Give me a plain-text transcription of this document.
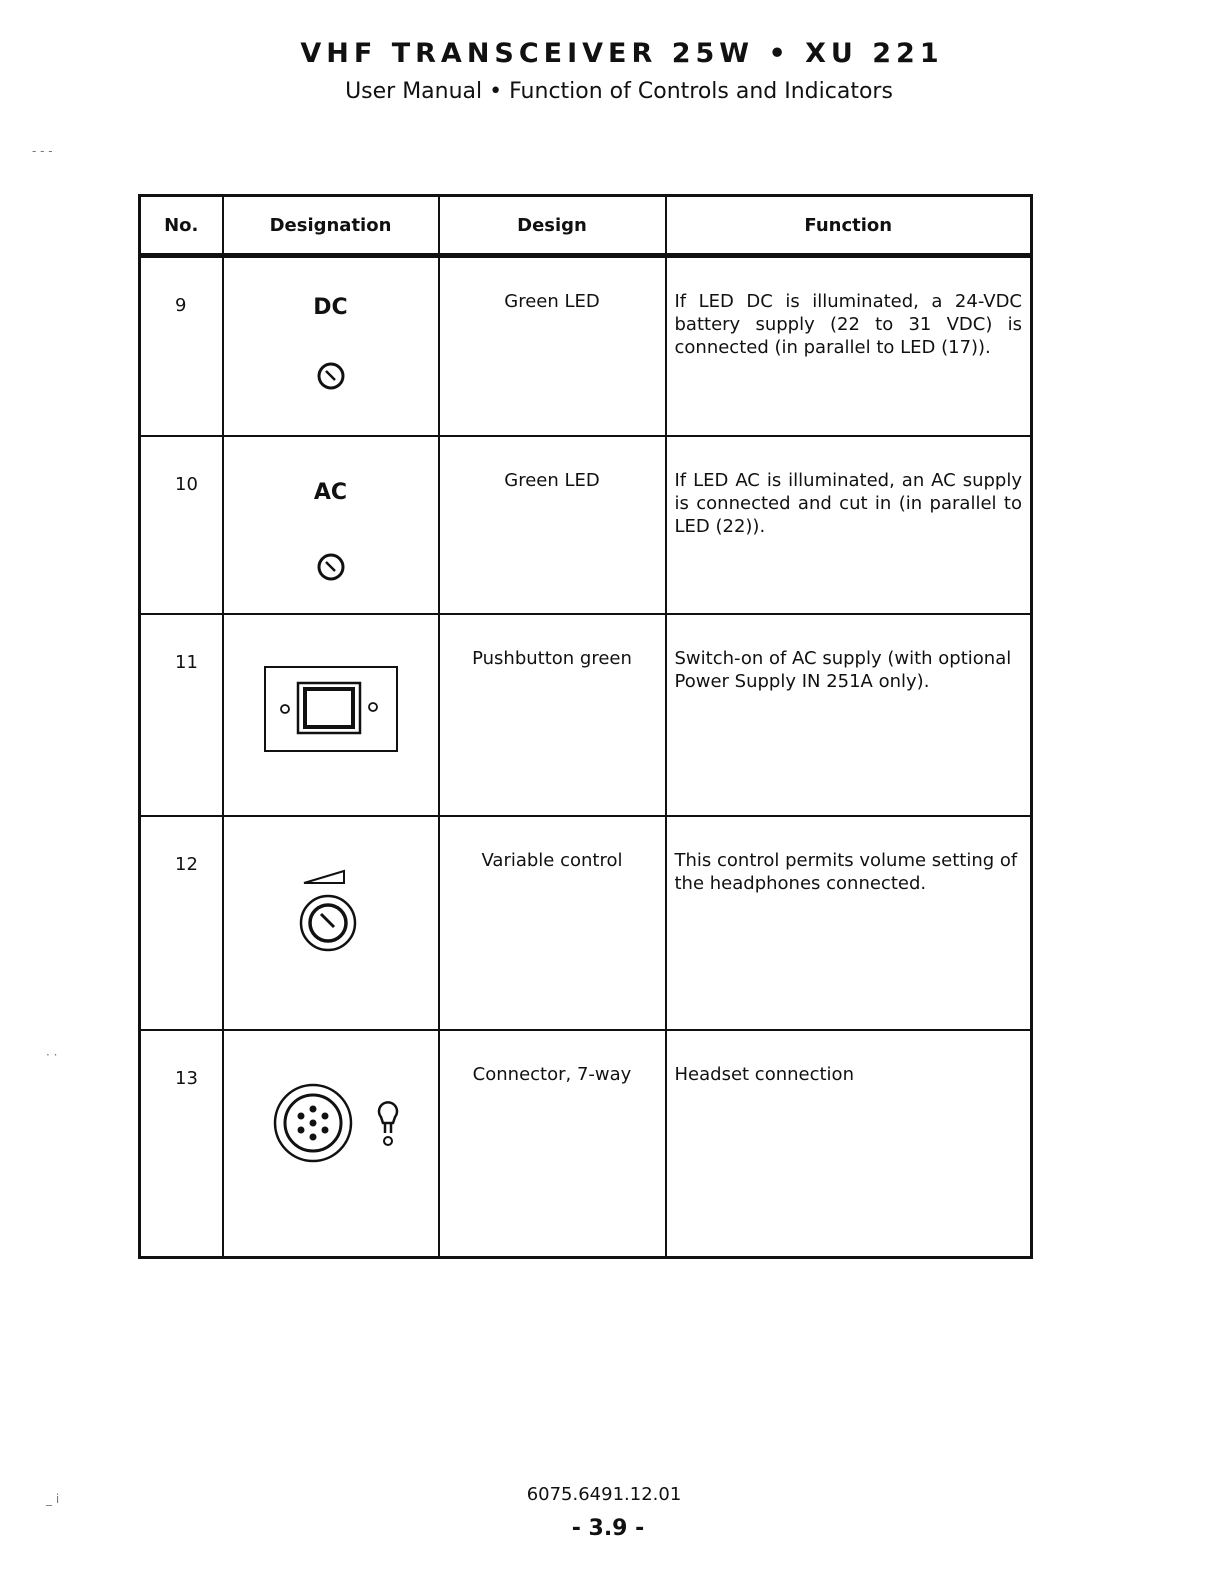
VHF TRANSCEIVER 25W • XU 221
User Manual • Function of Controls and Indicators
- - -
· ·
_ i
No.	Designation	Design	Function
9	DC	Green LED	If LED DC is illuminated, a 24-VDC battery supply (22 to 31 VDC) is connected (in parallel to LED (17)).
10	AC	Green LED	If LED AC is illuminated, an AC supply is connected and cut in (in parallel to LED (22)).
11		Pushbutton green	Switch-on of AC supply (with optional Power Supply IN 251A only).
12		Variable control	This control permits volume setting of the headphones connected.
13		Connector, 7-way	Headset connection
6075.6491.12.01
- 3.9 -
